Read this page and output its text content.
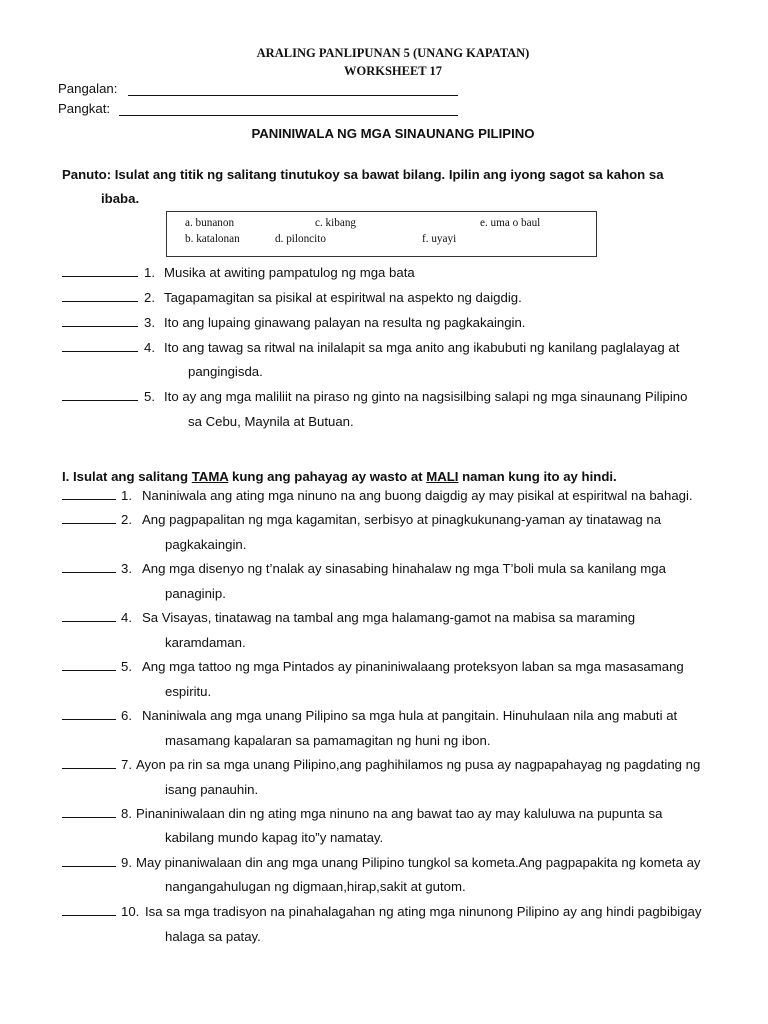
ARALING PANLIPUNAN 5 (UNANG KAPATAN)
WORKSHEET 17
Pangalan:
Pangkat:
PANINIWALA NG MGA SINAUNANG PILIPINO
Panuto: Isulat ang titik ng salitang tinutukoy sa bawat bilang. Ipilin ang iyong sagot sa kahon sa
ibaba.
a. bunanon	c. kibang	e. uma o baul
b. katalonan	d. piloncito	f. uyayi
1. Musika at awiting pampatulog ng mga bata
2. Tagapamagitan sa pisikal at espiritwal na aspekto ng daigdig.
3. Ito ang lupaing ginawang palayan na resulta ng pagkakaingin.
4. Ito ang tawag sa ritwal na inilalapit sa mga anito ang ikabubuti ng kanilang paglalayag at
pangingisda.
5. Ito ay ang mga maliliit na piraso ng ginto na nagsisilbing salapi ng mga sinaunang Pilipino
sa Cebu, Maynila at Butuan.
I. Isulat ang salitang TAMA kung ang pahayag ay wasto at MALI naman kung ito ay hindi.
1. Naniniwala ang ating mga ninuno na ang buong daigdig ay may pisikal at espiritwal na bahagi.
2. Ang pagpapalitan ng mga kagamitan, serbisyo at pinagkukunang-yaman ay tinatawag na
pagkakaingin.
3. Ang mga disenyo ng t’nalak ay sinasabing hinahalaw ng mga T’boli mula sa kanilang mga
panaginip.
4. Sa Visayas, tinatawag na tambal ang mga halamang-gamot na mabisa sa maraming
karamdaman.
5. Ang mga tattoo ng mga Pintados ay pinaniniwalaang proteksyon laban sa mga masasamang
espiritu.
6. Naniniwala ang mga unang Pilipino sa mga hula at pangitain. Hinuhulaan nila ang mabuti at
masamang kapalaran sa pamamagitan ng huni ng ibon.
7. Ayon pa rin sa mga unang Pilipino,ang paghihilamos ng pusa ay nagpapahayag ng pagdating ng
isang panauhin.
8. Pinaniniwalaan din ng ating mga ninuno na ang bawat tao ay may kaluluwa na pupunta sa
kabilang mundo kapag ito”y namatay.
9. May pinaniwalaan din ang mga unang Pilipino tungkol sa kometa.Ang pagpapakita ng kometa ay
nangangahulugan ng digmaan,hirap,sakit at gutom.
10. Isa sa mga tradisyon na pinahalagahan ng ating mga ninunong Pilipino ay ang hindi pagbibigay
halaga sa patay.
